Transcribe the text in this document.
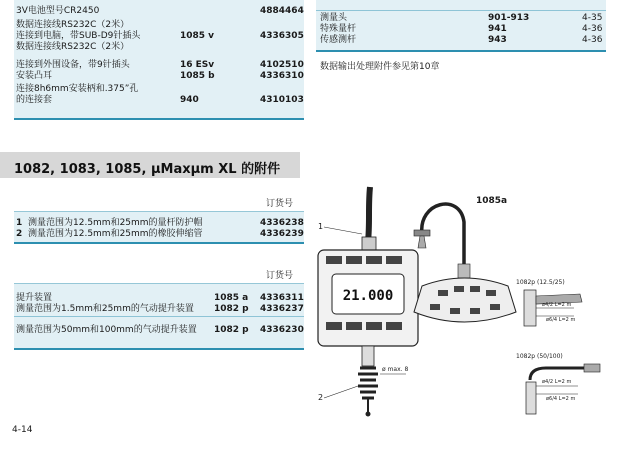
3V电池型号CR2450	4884464
数据连接线RS232C（2米）
连接到电脑，带SUB-D9针插头	1085 v	4336305
数据连接线RS232C（2米）
连接到外围设备，带9针插头	16 ESv	4102510
安装凸耳	1085 b	4336310
连接8h6mm安装柄和.375”孔
的连接套	940	4310103
测量头	901-913	4-35
特殊量杆	941	4-36
传感测杆	943	4-36
数据输出处理附件参见第10章
1082, 1083, 1085, μMaxμm XL 的附件
订货号
1 测量范围为12.5mm和25mm的量杆防护帽	4336238
2 测量范围为12.5mm和25mm的橡胶伸缩管	4336239
订货号
提升装置	1085 a 4336311
测量范围为1.5mm和25mm的气动提升装置 1082 p 4336237
测量范围为50mm和100mm的气动提升装置 1082 p 4336230
21.000
ø max. 8
1082p (12.5/25)
ø4/2 L=2 m
ø6/4 L=2 m
1082p (50/100)
ø4/2 L=2 m
ø6/4 L=2 m
1
2
1085a
4-14
